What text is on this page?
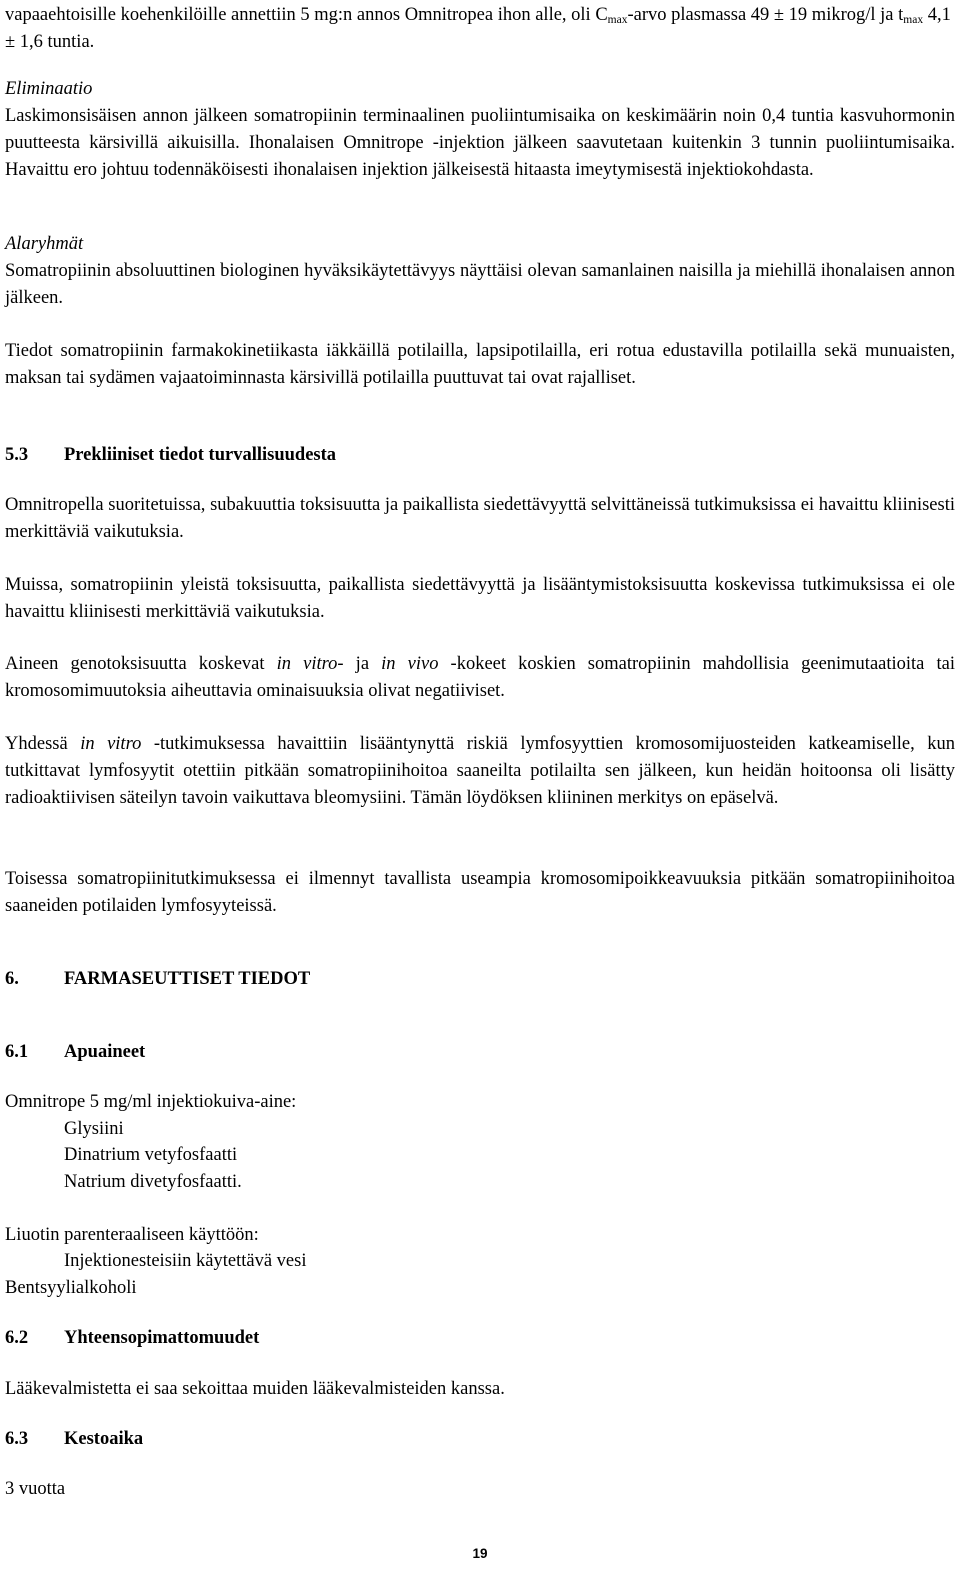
vapaaehtoisille koehenkilöille annettiin 5 mg:n annos Omnitropea ihon alle, oli $C_{max}$-arvo plasmassa 49 ± 19 mikrog/l ja $t_{max}$ 4,1 ± 1,6 tuntia.

Eliminaatio

Laskimonsisäisen annon jälkeen somatropiinin terminaalinen puoliintumisaika on keskimäärin noin 0,4 tuntia kasvuhormonin puutteesta kärsivillä aikuisilla. Ihonalaisen Omnitrope -injektion jälkeen saavutetaan kuitenkin 3 tunnin puoliintumisaika. Havaittu ero johtuu todennäköisesti ihonalaisen injektion jälkeisestä hitaasta imeytymisestä injektiokohdasta.

Alaryhmät

Somatropiinin absoluuttinen biologinen hyväksikäytettävyys näyttäisi olevan samanlainen naisilla ja miehillä ihonalaisen annon jälkeen.

Tiedot somatropiinin farmakokinetiikasta iäkkäillä potilailla, lapsipotilailla, eri rotua edustavilla potilailla sekä munuaisten, maksan tai sydämen vajaatoiminnasta kärsivillä potilailla puuttuvat tai ovat rajalliset.

5.3 Prekliiniset tiedot turvallisuudesta

Omnitropella suoritetuissa, subakuuttia toksisuutta ja paikallista siedettävyyttä selvittäneissä tutkimuksissa ei havaittu kliinisesti merkittäviä vaikutuksia.

Muissa, somatropiinin yleistä toksisuutta, paikallista siedettävyyttä ja lisääntymistoksisuutta koskevissa tutkimuksissa ei ole havaittu kliinisesti merkittäviä vaikutuksia.

Aineen genotoksisuutta koskevat in vitro- ja in vivo -kokeet koskien somatropiinin mahdollisia geenimutaatioita tai kromosomimuutoksia aiheuttavia ominaisuuksia olivat negatiiviset.

Yhdessä in vitro -tutkimuksessa havaittiin lisääntynyttä riskiä lymfosyyttien kromosomijuosteiden katkeamiselle, kun tutkittavat lymfosyytit otettiin pitkään somatropiinihoitoa saaneilta potilailta sen jälkeen, kun heidän hoitoonsa oli lisätty radioaktiivisen säteilyn tavoin vaikuttava bleomysiini. Tämän löydöksen kliininen merkitys on epäselvä.

Toisessa somatropiinitutkimuksessa ei ilmennyt tavallista useampia kromosomipoikkeavuuksia pitkään somatropiinihoitoa saaneiden potilaiden lymfosyyteissä.

6. FARMASEUTTISET TIEDOT

6.1 Apuaineet

Omnitrope 5 mg/ml injektiokuiva-aine:

Glysiini

Dinatrium vetyfosfaatti

Natrium divetyfosfaatti.

Liuotin parenteraaliseen käyttöön:

Injektionesteisiin käytettävä vesi

Bentsyylialkoholi

6.2 Yhteensopimattomuudet

Lääkevalmistetta ei saa sekoittaa muiden lääkevalmisteiden kanssa.

6.3 Kestoaika

3 vuotta

19
